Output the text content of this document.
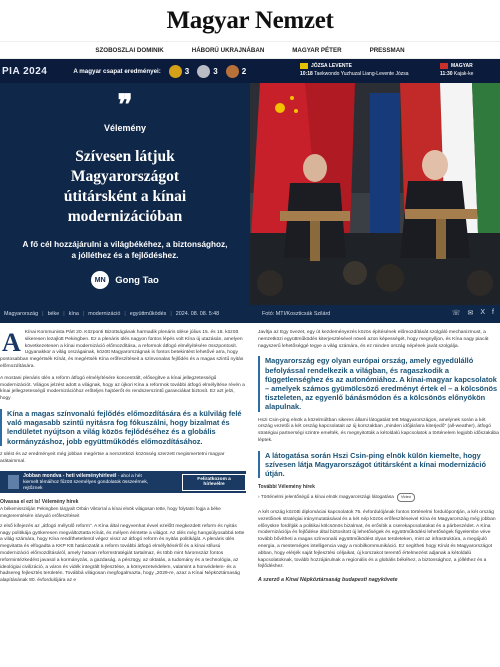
Magyar Nemzet
SZOBOSZLAI DOMINIK	HÁBORÚ UKRAJNÁBAN	MAGYAR PÉTER	PRESSMAN
PIA 2024	A magyar csapat eredményei:	3	3	2
JÓZSA LEVENTE
10:18 Taekwondo Yuzhuzal Liang-Levente Józsa
MAGYAR
11:30 Kajak-ke
❞
Vélemény
Szívesen látjuk Magyarországot útitársként a kínai modernizációban
A fő cél hozzájárulni a világbékéhez, a biztonsághoz, a jólléthez és a fejlődéshez.
MN	Gong Tao
Magyarország | béke | kína | modernizáció | együttműködés | 2024. 08. 08. 5:48	Fotó: MTI/Koszticsák Szilárd	☏ ✉ X f

A Kínai Kommunista Párt 20. Központi Bizottságának harmadik plenáris ülése július 15. és 18. között sikeresen lezajlott Pekingben. Ez a plenáris ülés nagyon fontos lépés volt Kína új utazásán, amelyen következetesen a kínai modernizáció előmozdítása, a reformok átfogó elmélyítésére összpontosít. Ugyanakkor a világ országainak, között Magyarországnak is fontos betekintést lehetővé arra, hogy pontosabban megértsék Kínát, és megértsék Kína erőfeszítéseit a szinvonalas fejlődés és a magas szintű nyitás előmozdítására.

A mostani plenáris ülés a reform átfogó elmélyítésére koncentrált, elősegítve a kínai jellegzetességű modernizációt. Világos jelzést adott a világnak, hogy az újkori Kína a reformok további átfogó elmélyítése révén a kínai jellegzetességű modernizációhoz erőteljes hajtóerőt és rendszerszintű garanciákat biztosít. Ez azt jelzi, hogy

Kína a magas színvonalú fejlődés előmozdítására és a külvilág felé való magasabb szintű nyitásra fog fókuszálni, hogy bizalmat és lendületet nyújtson a világ közös fejlődéséhez és a globális kormányzáshoz, jobb együttműködés előmozdításához.

z ülést és az eredményeit még jobban megértse a nemzetközi közösség szerzett megismertetni magyar arátaimmal.

Jobban mondva - heti véleményhírlevél - ahol a hét kiemelt témáihoz fűzött személyes gondolatok összeérnek, rejtőznek
Feliratkozom a hírlevélre
Olvassa el ezt is! Vélemény hírek
A békemisszióján Pekingben tárgyalt Orbán Viktorral a kínai elnök világosan tette, hogy folytatni fogja a béke megteremtésére irányuló erőfeszítéseit

z első kifejezés az „átfogó mélyülő reform”. A Kína által negyvenhat évvel ezelőtt megkezdett reform és nyitás nagy politikája gyökeresen megváltoztatta Kínát, és mélyen érintette a világot. Az ülés még hangsúlyosabbá tette a világ számára, hogy Kína rendíthetetlenül végez vissz az átfogó reform és nyitás politikáját. A plenáris ülés megvitatta és elfogadta a KKP KB határozatát a reform további átfogó elmélyítéséről és a kínai stílusú modernizáció előmozdításáról, amely hatvan reformstratégiát tartalmaz, és több mint háromszáz fontos reformintézkedést javasol a kormányzás, a gazdaság, a pénzügy, az oktatás, a tudomány és a technológia, az ideológiai civilizáció, a város és vidék integrált fejlesztése, a környezetvédelem, valamint a honvédelem- és a hadsereg fejlesztés területén. Továbbá világosan megfogalmazta, hogy „2029-re, azaz a Kínai Népköztársaság alapításának 80. évfordulójára az e

Javítja az Egy övezet, egy út kezdeményezés közös építésének előmozdítását szolgáló mechanizmust, a nemzetközi együttműködés kiterjesztésével növeli azon képességét, hogy megnyíljon, és Kína nagy piacát nagyszerű lehetőséggé tegye a világ számára, és ez minden ország népének javát szolgálja.

Magyarország egy olyan európai ország, amely egyedülálló befolyással rendelkezik a világban, és ragaszkodik a függetlenséghez és az autonómiához. A kínai-magyar kapcsolatok – amelyek számos gyümölcsöző eredményt értek el – a kölcsönös tiszteleten, az egyenlő bánásmódon és a kölcsönös előnyökön alapulnak.

Hszi Csin-ping elnök a közelmúltban sikeres állami látogatást tett Magyarországon, amelynek során a két ország vezetői a két ország kapcsolatait az új korszakban „minden időjárásra kiterjedő” (all-weather), átfogó stratégiai partnerségi szintre emelték, és megnyitották a kétoldalú kapcsolatok a történelem legjobb időszakába léptek.

A látogatása során Hszi Csin-ping elnök külön kiemelte, hogy szívesen látja Magyarországot útitársként a kínai modernizáció útján.
További Vélemény hírek
› Történelmi jelentőségű a kínai elnök magyarországi látogatása Videó

A két ország közötti diplomáciai kapcsolatok 75. évfordulójának fontos történelmi fordulópontján, a két ország vezetőinek stratégiai iránymutatásával és a két nép közös erőfeszítéseivel Kína és Magyarország még jobban előnyükre fordítják a politikai kölcsönös bizalmat, és erősítik a cserekapcsolatokat és a párbeszédet. A Kína modernizációja és fejlődése által biztosított új lehetőségek és együttműködési lehetőségek figyelembe véve tovább bővítheti a magas színvonalú együttműködést olyan területeken, mint az infrastruktúra, a megújuló energia, a mesterséges intelligencia vagy a mobilkommunikáció. Ez segítheti hogy Kínát és Magyarországot abban, hogy elérjék saját fejlesztési céljaikat, új korszakot teremtő értelmezést adjanak a kétoldalú kapcsolatoknak, tovább hozzájárulnak a regionális és a globális békéhez, a biztonsághoz, a jólléthez és a fejlődéshez.

A szerző a Kínai Népköztársaság budapesti nagykövete
